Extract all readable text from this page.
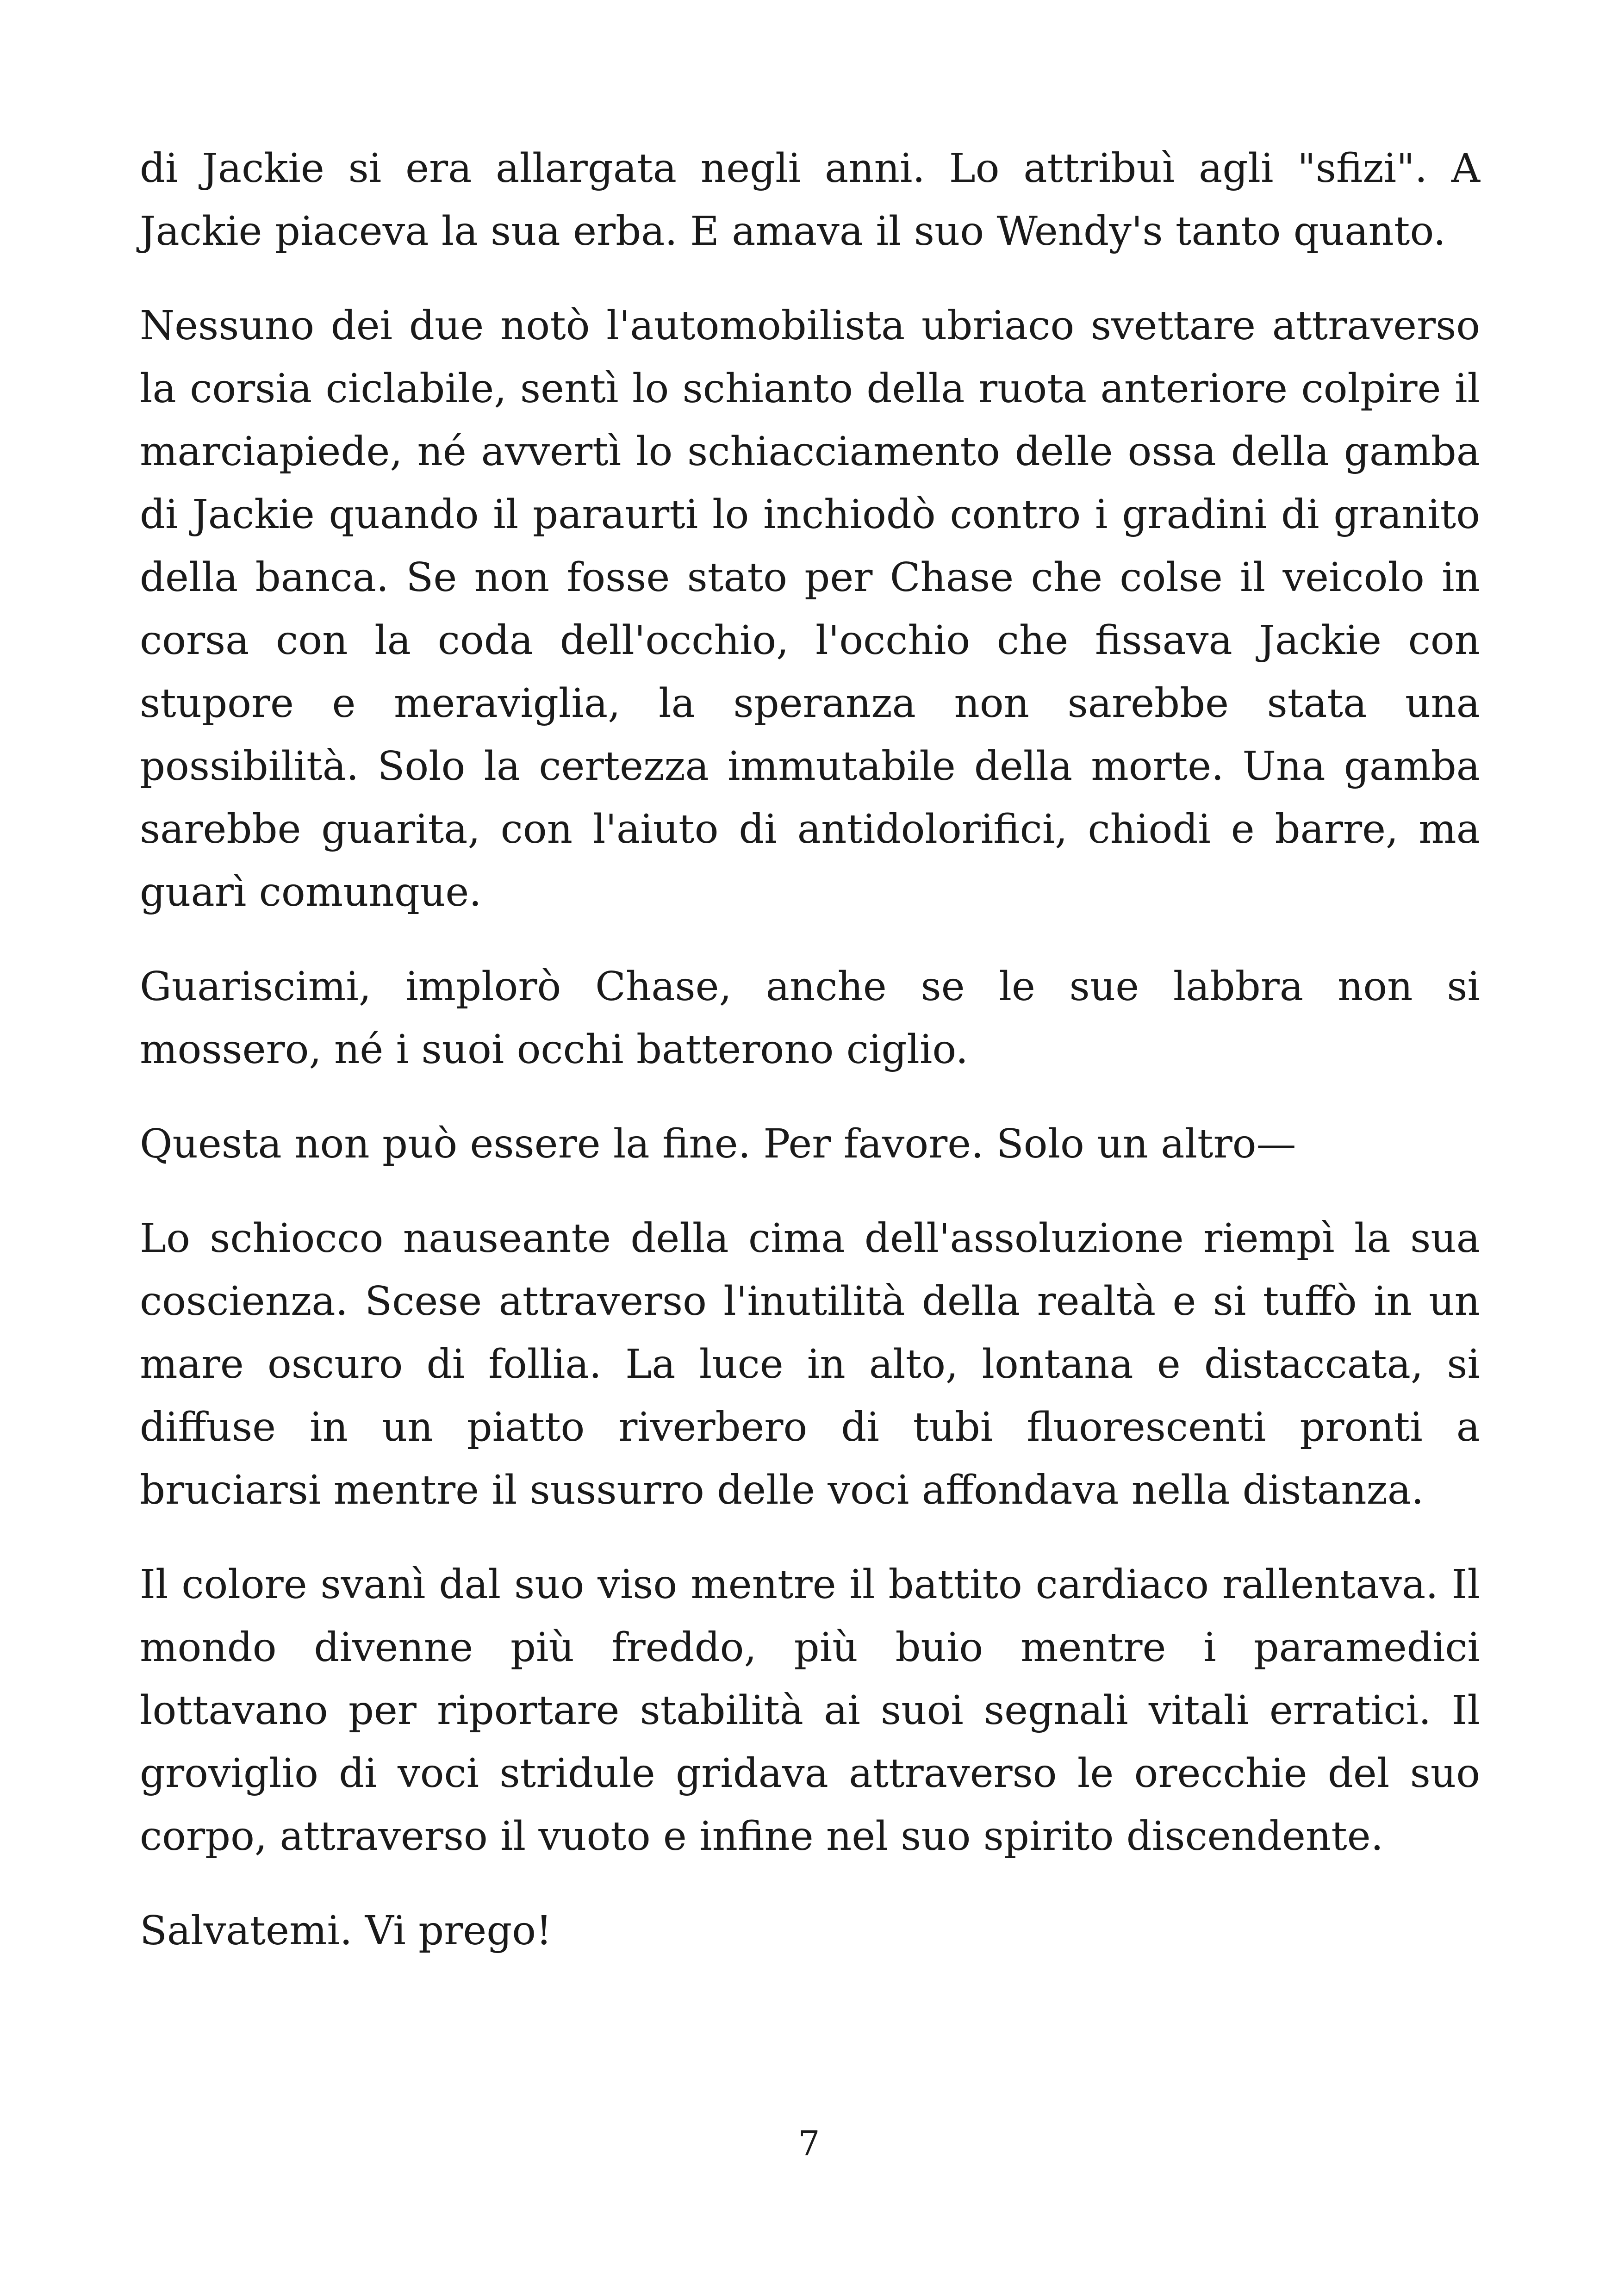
di Jackie si era allargata negli anni. Lo attribuì agli "sfizi". A Jackie piaceva la sua erba. E amava il suo Wendy's tanto quanto.

Nessuno dei due notò l'automobilista ubriaco svettare attraverso la corsia ciclabile, sentì lo schianto della ruota anteriore colpire il marciapiede, né avvertì lo schiacciamento delle ossa della gamba di Jackie quando il paraurti lo inchiodò contro i gradini di granito della banca. Se non fosse stato per Chase che colse il veicolo in corsa con la coda dell'occhio, l'occhio che fissava Jackie con stupore e meraviglia, la speranza non sarebbe stata una possibilità. Solo la certezza immutabile della morte. Una gamba sarebbe guarita, con l'aiuto di antidolorifici, chiodi e barre, ma guarì comunque.

Guariscimi, implorò Chase, anche se le sue labbra non si mossero, né i suoi occhi batterono ciglio.

Questa non può essere la fine. Per favore. Solo un altro—

Lo schiocco nauseante della cima dell'assoluzione riempì la sua coscienza. Scese attraverso l'inutilità della realtà e si tuffò in un mare oscuro di follia. La luce in alto, lontana e distaccata, si diffuse in un piatto riverbero di tubi fluorescenti pronti a bruciarsi mentre il sussurro delle voci affondava nella distanza.

Il colore svanì dal suo viso mentre il battito cardiaco rallentava. Il mondo divenne più freddo, più buio mentre i paramedici lottavano per riportare stabilità ai suoi segnali vitali erratici. Il groviglio di voci stridule gridava attraverso le orecchie del suo corpo, attraverso il vuoto e infine nel suo spirito discendente.

Salvatemi. Vi prego!

7
